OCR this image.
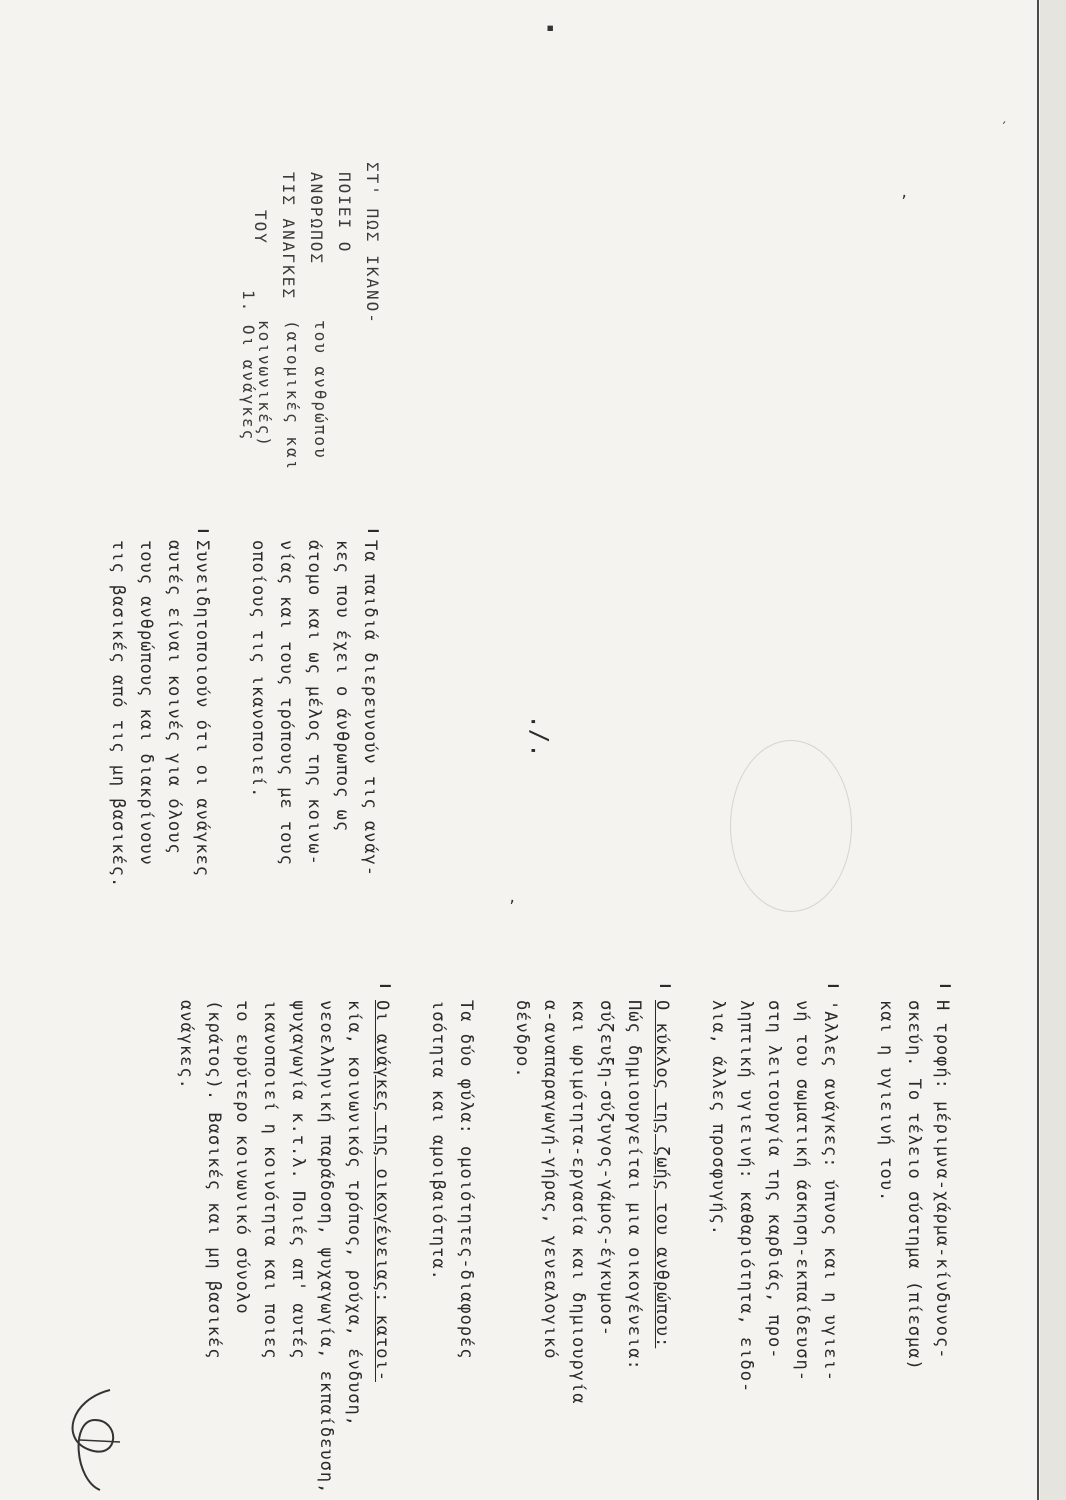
ΣΤ' ΠΩΣ ΙΚΑΝΟ-
ΠΟΙΕΙ Ο
ΑΝΘΡΩΠΟΣ
ΤΙΣ ΑΝΑΓΚΕΣ
ΤΟΥ
1. Οι ανάγκες	του ανθρώπου
(ατομικές και
κοινωνικές)
Τα παιδιά διερευνούν τις ανάγ-
κες που έχει ο άνθρωπος ως
άτομο και ως μέλος της κοινω-
νίας και τους τρόπους με τους
οποίους τις ικανοποιεί.
Συνειδητοποιούν ότι οι ανάγκες
αυτές είναι κοινές για όλους
τους ανθρώπους και διακρίνουν
τις βασικές από τις μη βασικές.
Η τροφή: μέριμνα-χάρμα-κίνδυνος-
σκεύη. Το τέλειο σύστημα (πίεσμα)
και η υγιεινή του.
'Αλλες ανάγκες: ύπνος και η υγιει-
νή του σωματική άσκηση-εκπαίδευση-
στη λειτουργία της καρδιάς, προ-
ληπτική υγιεινή: καθαριότητα, ειδο-
λια, άλλες προσφυγής.
Ο κύκλος της ζωής του ανθρώπου:
Πώς δημιουργείται μια οικογένεια:
σύζευξη-σύζυγος-γάμος-έγκυμοσ-
και ωριμότητα-εργασία και δημιουργία
α-αναπαραγωγή-γήρας, γενεαλογικό
δένδρο.
Τα δύο φύλα: ομοιότητες-διαφορές
ισότητα και αμοιβαιότητα.
Οι ανάγκες της οικογένειας: κατοι-
κία, κοινωνικός τρόπος, ρούχα, ένδυση,
νεοελληνική παράδοση, ψυχαγωγία, εκπαίδευση,
ψυχαγωγία κ.τ.λ. Ποιές απ' αυτές
ικανοποιεί η κοινότητα και ποιες
το ευρύτερο κοινωνικό σύνολο
(κράτος). Βασικές και μη βασικές
ανάγκες.
–
–
–
–
–
–
./.
▪
,
,
′
